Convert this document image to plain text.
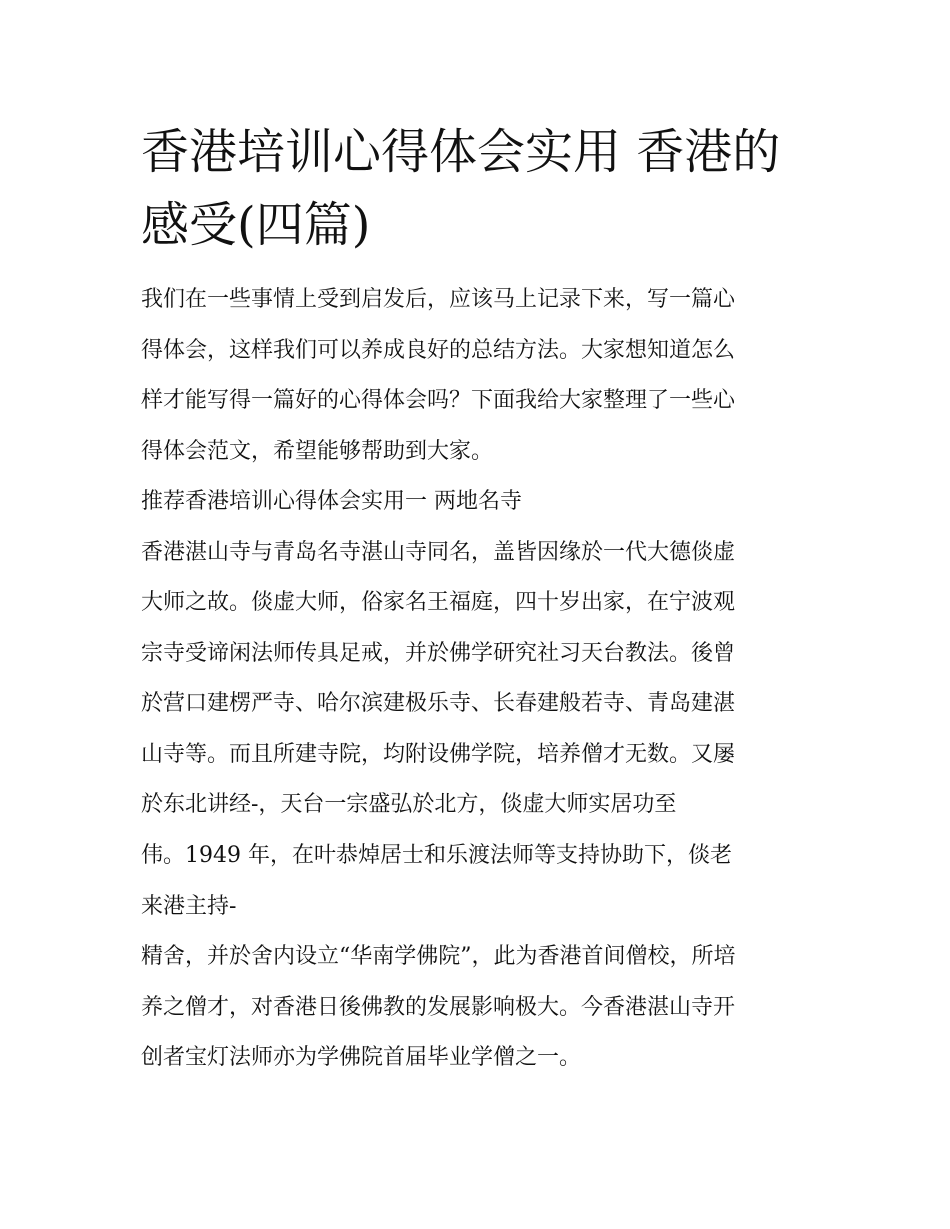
香港培训心得体会实用 香港的
感受(四篇)

我们在一些事情上受到启发后，应该马上记录下来，写一篇心

得体会，这样我们可以养成良好的总结方法。大家想知道怎么

样才能写得一篇好的心得体会吗？下面我给大家整理了一些心

得体会范文，希望能够帮助到大家。

推荐香港培训心得体会实用一 两地名寺

香港湛山寺与青岛名寺湛山寺同名，盖皆因缘於一代大德倓虚

大师之故。倓虚大师，俗家名王福庭，四十岁出家，在宁波观

宗寺受谛闲法师传具足戒，并於佛学研究社习天台教法。後曾

於营口建楞严寺、哈尔滨建极乐寺、长春建般若寺、青岛建湛

山寺等。而且所建寺院，均附设佛学院，培养僧才无数。又屡

於东北讲经-，天台一宗盛弘於北方，倓虚大师实居功至

伟。1949 年，在叶恭焯居士和乐渡法师等支持协助下，倓老

来港主持-

精舍，并於舍内设立“华南学佛院”，此为香港首间僧校，所培

养之僧才，对香港日後佛教的发展影响极大。今香港湛山寺开

创者宝灯法师亦为学佛院首届毕业学僧之一。
